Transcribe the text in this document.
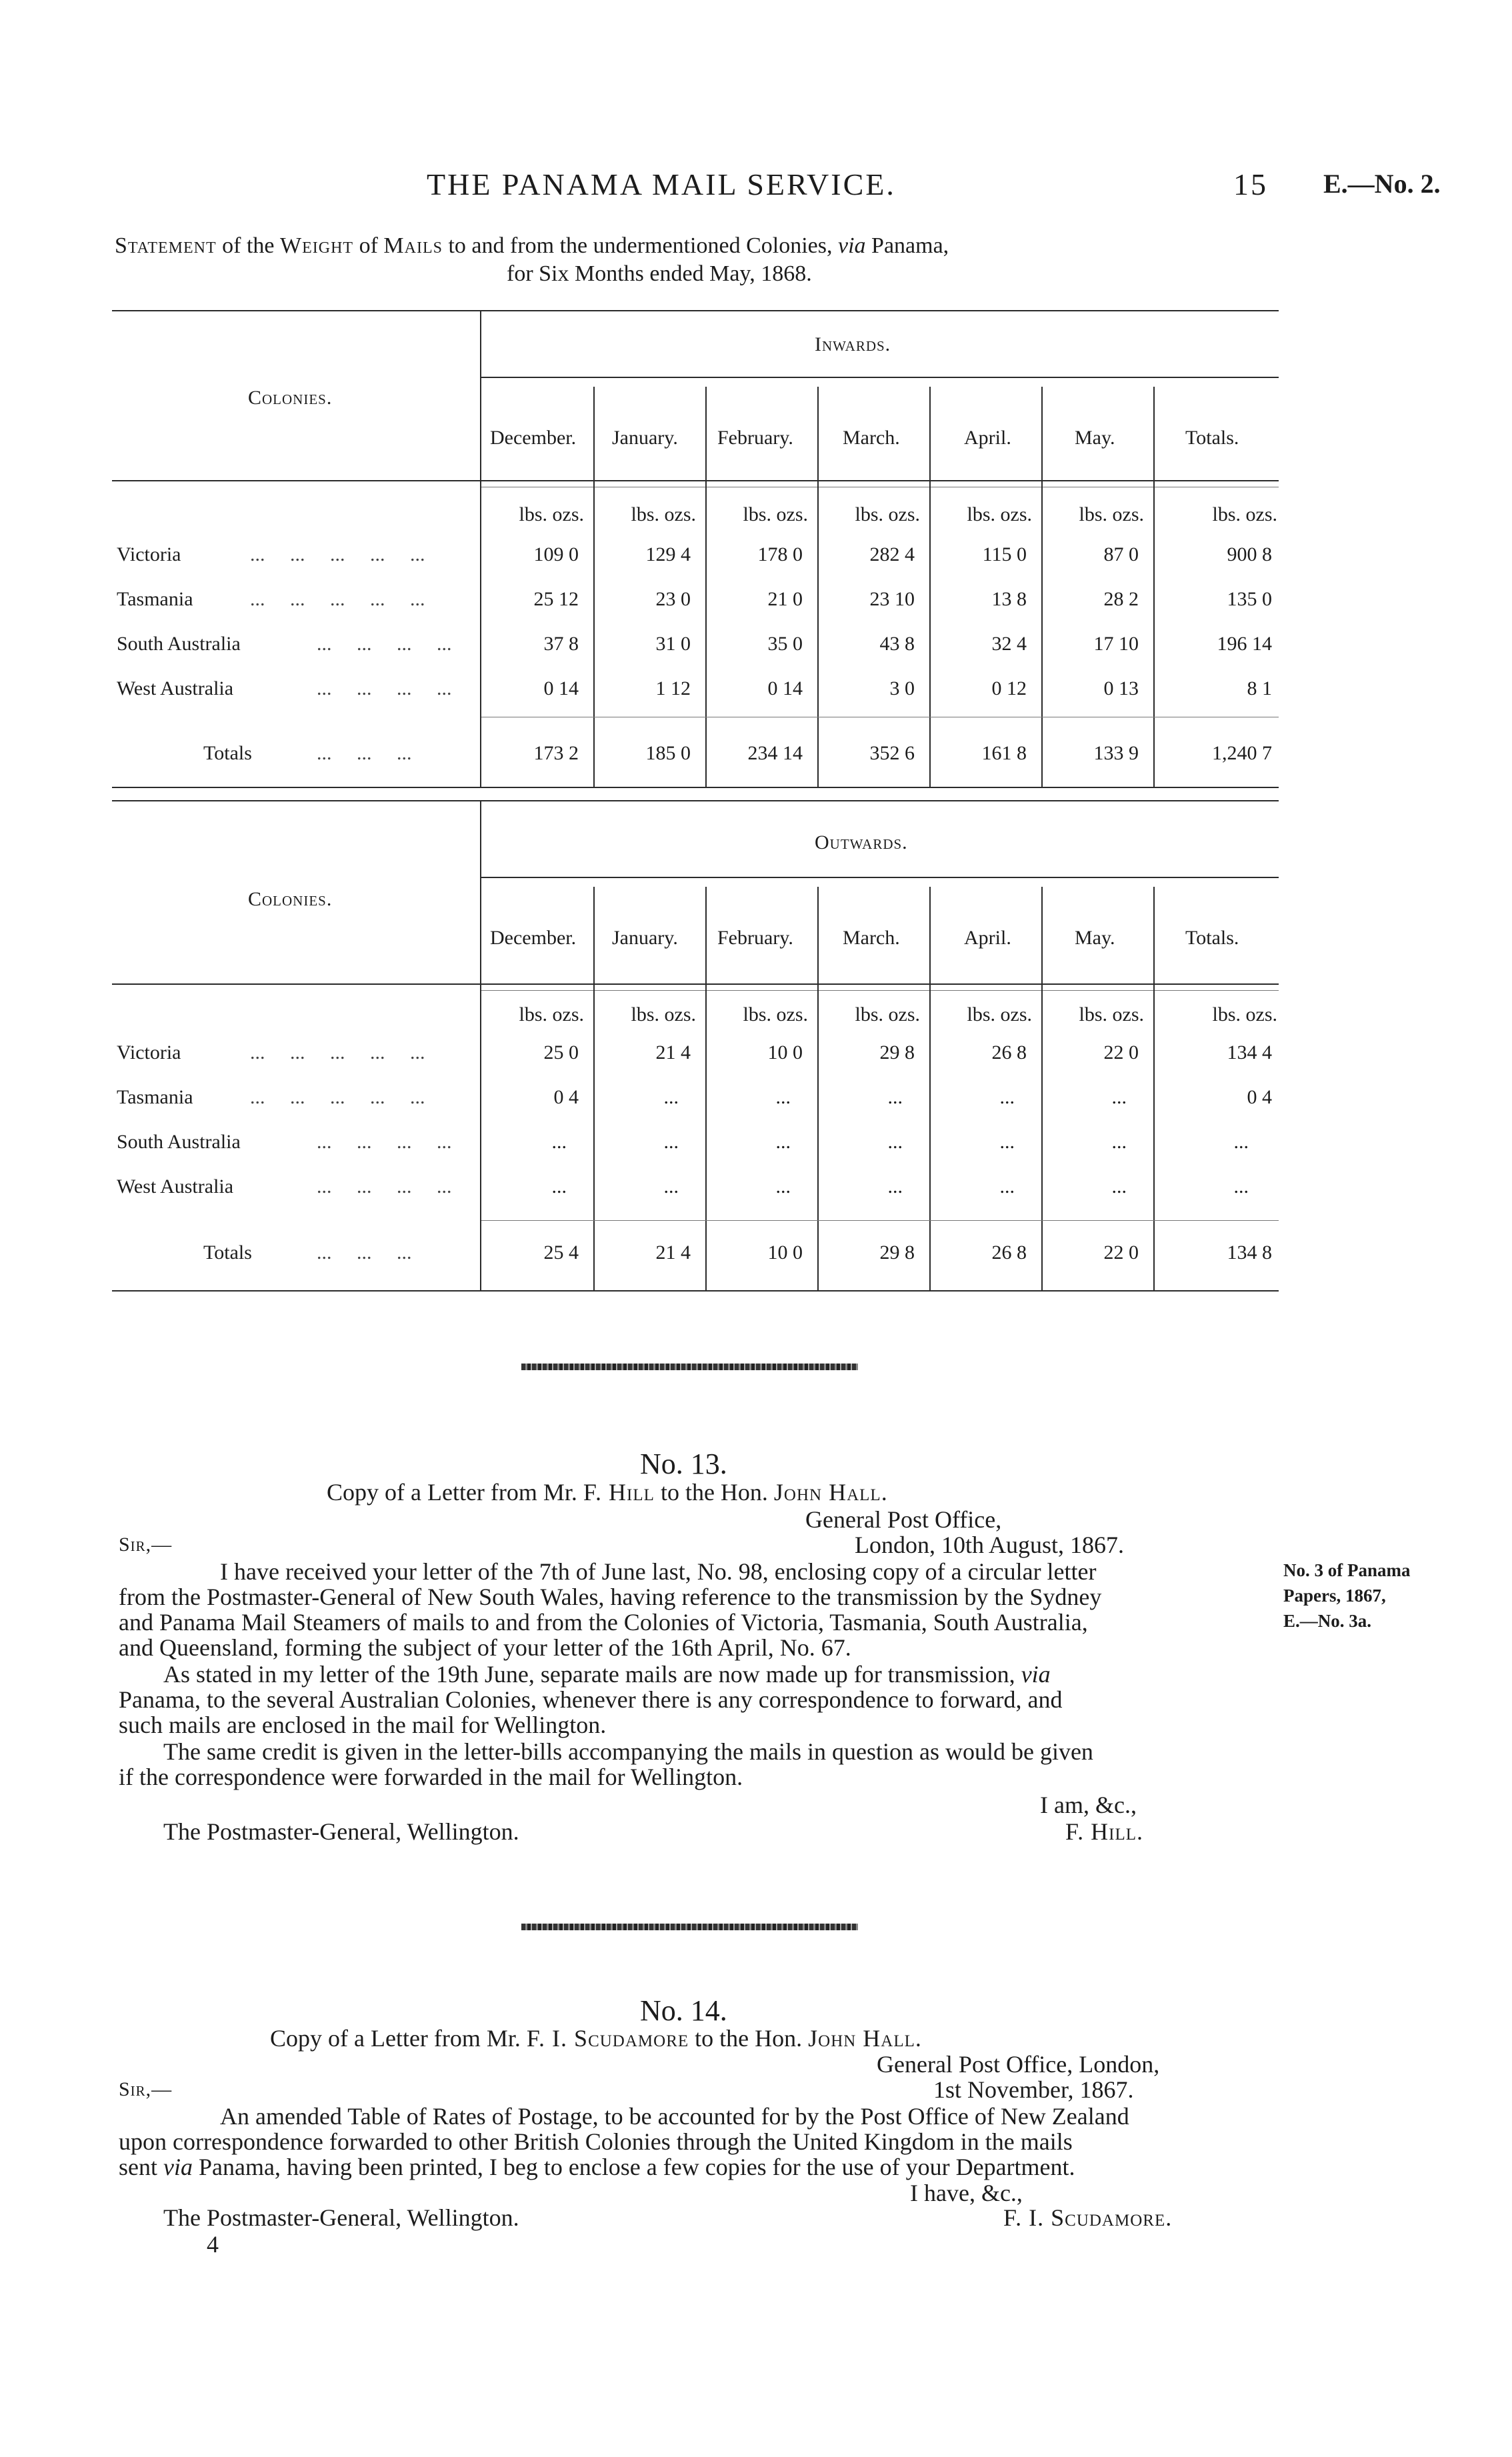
THE PANAMA MAIL SERVICE.	15 E.—No. 2.
Statement of the Weight of Mails to and from the undermentioned Colonies, via Panama,
for Six Months ended May, 1868.
Inwards.
Colonies.
December. January. February. March.	April.	May.	Totals.
lbs. ozs. lbs. ozs. lbs. ozs. lbs. ozs. lbs. ozs. lbs. ozs.	lbs. ozs.
Victoria	...     ...     ...     ...     ...	109 0	129 4	178 0	282 4	115 0	87 0	900 8
Tasmania	...     ...     ...     ...     ...	25 12	23 0	21 0	23 10	13 8	28 2	135 0
South Australia	...     ...     ...     ...	37 8	31 0	35 0	43 8	32 4	17 10	196 14
West Australia	...     ...     ...     ...	0 14	1 12	0 14	3 0	0 12	0 13	8 1
Totals	...     ...     ...	173 2	185 0	234 14	352 6	161 8	133 9	1,240 7
Outwards.
Colonies.
December. January. February. March.	April.	May.	Totals.
lbs. ozs. lbs. ozs. lbs. ozs. lbs. ozs. lbs. ozs. lbs. ozs.	lbs. ozs.
Victoria	...     ...     ...     ...     ...	25 0	21 4	10 0	29 8	26 8	22 0	134 4
Tasmania	...     ...     ...     ...     ...	0 4	...	...	...	...	...	0 4
South Australia	...     ...     ...     ...	...	...	...	...	...	...	...
West Australia	...     ...     ...     ...	...	...	...	...	...	...	...
Totals	...     ...     ...	25 4	21 4	10 0	29 8	26 8	22 0	134 8
No. 13.
Copy of a Letter from Mr. F. Hill to the Hon. John Hall.
General Post Office,
Sir,—	London, 10th August, 1867.
I have received your letter of the 7th of June last, No. 98, enclosing copy of a circular letter
from the Postmaster-General of New South Wales, having reference to the transmission by the Sydney
and Panama Mail Steamers of mails to and from the Colonies of Victoria, Tasmania, South Australia,
and Queensland, forming the subject of your letter of the 16th April, No. 67.
As stated in my letter of the 19th June, separate mails are now made up for transmission, via
Panama, to the several Australian Colonies, whenever there is any correspondence to forward, and
such mails are enclosed in the mail for Wellington.
The same credit is given in the letter-bills accompanying the mails in question as would be given
if the correspondence were forwarded in the mail for Wellington.
I am, &c.,
The Postmaster-General, Wellington.	F. Hill.
No. 3 of Panama
Papers, 1867,
E.—No. 3a.
No. 14.
Copy of a Letter from Mr. F. I. Scudamore to the Hon. John Hall.
General Post Office, London,
Sir,—	1st November, 1867.
An amended Table of Rates of Postage, to be accounted for by the Post Office of New Zealand
upon correspondence forwarded to other British Colonies through the United Kingdom in the mails
sent via Panama, having been printed, I beg to enclose a few copies for the use of your Department.
I have, &c.,
The Postmaster-General, Wellington.	F. I. Scudamore.
4
